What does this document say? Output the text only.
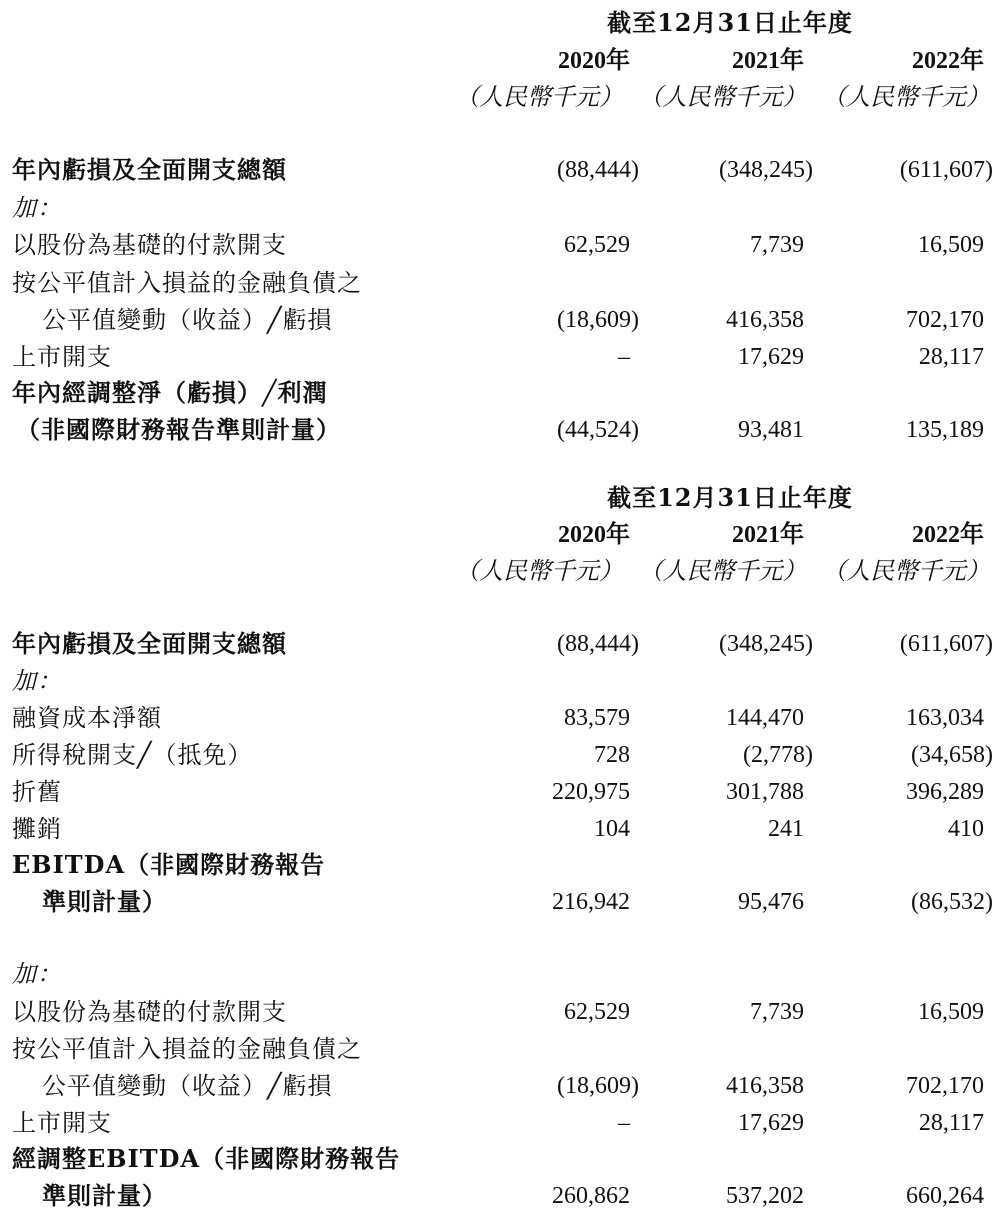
截至12月31日止年度
2020年	2021年	2022年
（人民幣千元） （人民幣千元） （人民幣千元）
年內虧損及全面開支總額	(88,444)	(348,245)	(611,607)
加：
以股份為基礎的付款開支	62,529	7,739	16,509
按公平值計入損益的金融負債之
公平值變動（收益）╱虧損	(18,609)	416,358	702,170
上市開支	–	17,629	28,117
年內經調整淨（虧損）╱利潤
（非國際財務報告準則計量）	(44,524)	93,481	135,189
截至12月31日止年度
2020年	2021年	2022年
（人民幣千元） （人民幣千元） （人民幣千元）
年內虧損及全面開支總額	(88,444)	(348,245)	(611,607)
加：
融資成本淨額	83,579	144,470	163,034
所得稅開支╱（抵免）	728	(2,778)	(34,658)
折舊	220,975	301,788	396,289
攤銷	104	241	410
EBITDA（非國際財務報告
準則計量）	216,942	95,476	(86,532)
加：
以股份為基礎的付款開支	62,529	7,739	16,509
按公平值計入損益的金融負債之
公平值變動（收益）╱虧損	(18,609)	416,358	702,170
上市開支	–	17,629	28,117
經調整EBITDA（非國際財務報告
準則計量）	260,862	537,202	660,264
